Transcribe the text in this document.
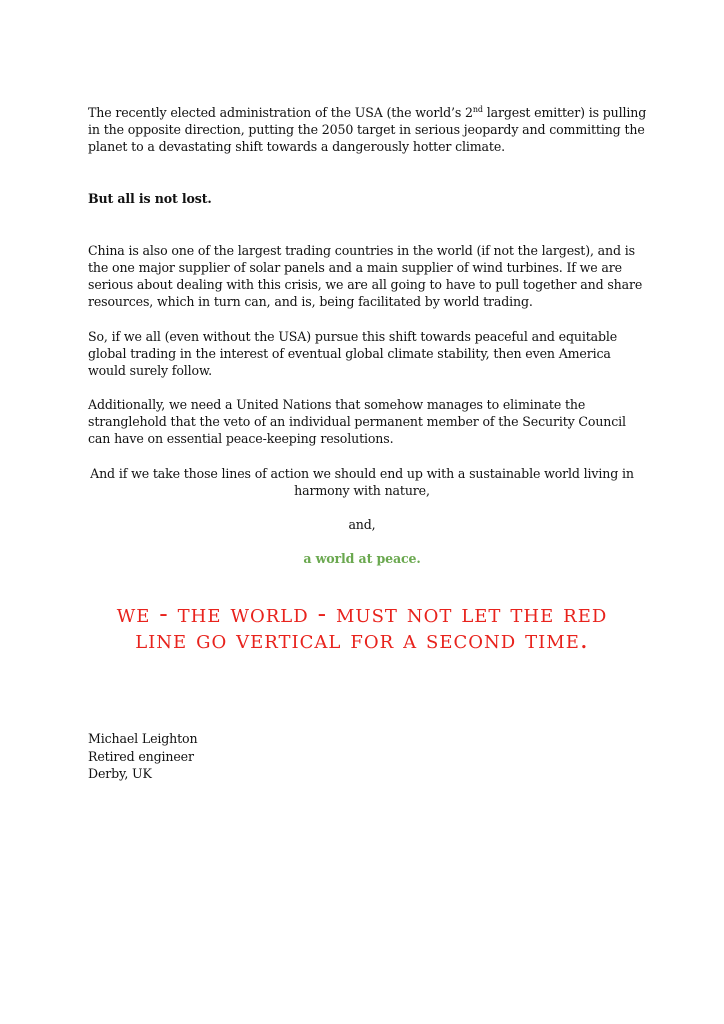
The recently elected administration of the USA (the world’s 2nd largest emitter) is pulling in the opposite direction, putting the 2050 target in serious jeopardy and committing the planet to a devastating shift towards a dangerously hotter climate.

But all is not lost.

China is also one of the largest trading countries in the world (if not the largest), and is the one major supplier of solar panels and a main supplier of wind turbines. If we are serious about dealing with this crisis, we are all going to have to pull together and share resources, which in turn can, and is, being facilitated by world trading.

So, if we all (even without the USA) pursue this shift towards peaceful and equitable global trading in the interest of eventual global climate stability, then even America would surely follow.

Additionally, we need a United Nations that somehow manages to eliminate the stranglehold that the veto of an individual permanent member of the Security Council can have on essential peace-keeping resolutions.

And if we take those lines of action we should end up with a sustainable world living in harmony with nature,

and,

a world at peace.

we - the world - must not let the red line go vertical for a second time.
Michael Leighton
Retired engineer
Derby, UK
